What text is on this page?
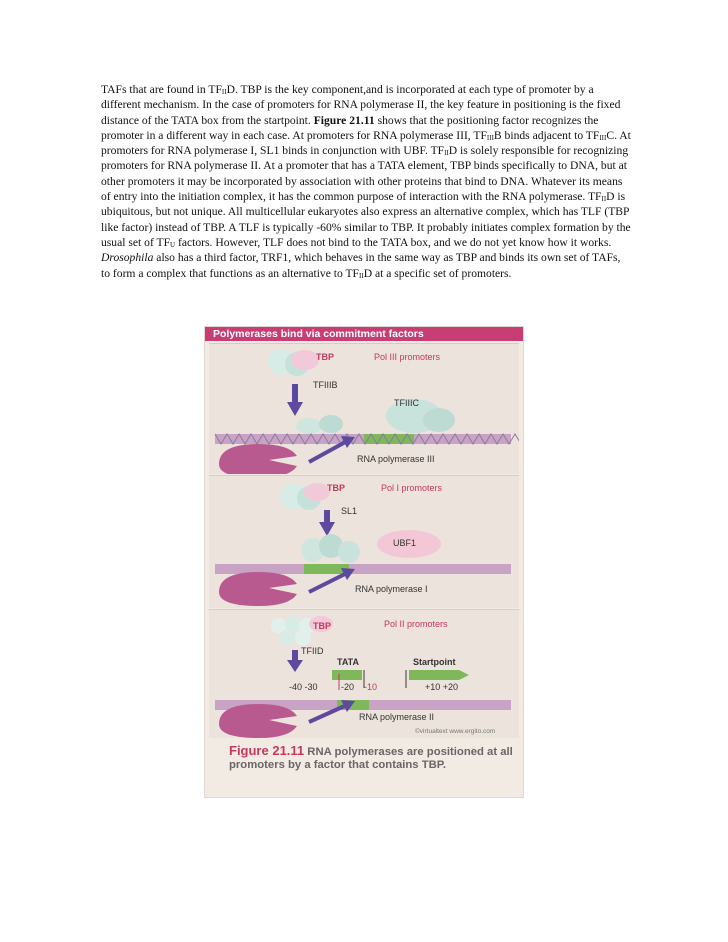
TAFs that are found in $TF_{II}D$. TBP is the key component,and is incorporated at each type of promoter by a different mechanism. In the case of promoters for RNA polymerase II, the key feature in positioning is the fixed distance of the TATA box from the startpoint. Figure 21.11 shows that the positioning factor recognizes the promoter in a different way in each case. At promoters for RNA polymerase III, $TF_{III}B$ binds adjacent to $TF_{III}C$. At promoters for RNA polymerase I, SL1 binds in conjunction with UBF. $TF_{II}D$ is solely responsible for recognizing promoters for RNA polymerase II. At a promoter that has a TATA element, TBP binds specifically to DNA, but at other promoters it may be incorporated by association with other proteins that bind to DNA. Whatever its means of entry into the initiation complex, it has the common purpose of interaction with the RNA polymerase. $TF_{II}D$ is ubiquitous, but not unique. All multicellular eukaryotes also express an alternative complex, which has TLF (TBP like factor) instead of TBP. A TLF is typically -60% similar to TBP. It probably initiates complex formation by the usual set of $TF_U$ factors. However, TLF does not bind to the TATA box, and we do not yet know how it works. Drosophila also has a third factor, TRF1, which behaves in the same way as TBP and binds its own set of TAFs, to form a complex that functions as an alternative to $TF_{II}D$ at a specific set of promoters.

Polymerases bind via commitment factors
TBP	Pol III promoters
TFIIIB
TFIIIC
RNA polymerase III
TBP	Pol I promoters
SL1
UBF1
RNA polymerase I
TBP	Pol II promoters
TFIID
TATA	Startpoint
-40 -30	-20 -10	+10 +20
RNA polymerase II
©virtualtext www.ergito.com
Figure 21.11 RNA polymerases are positioned at all promoters by a factor that contains TBP.
